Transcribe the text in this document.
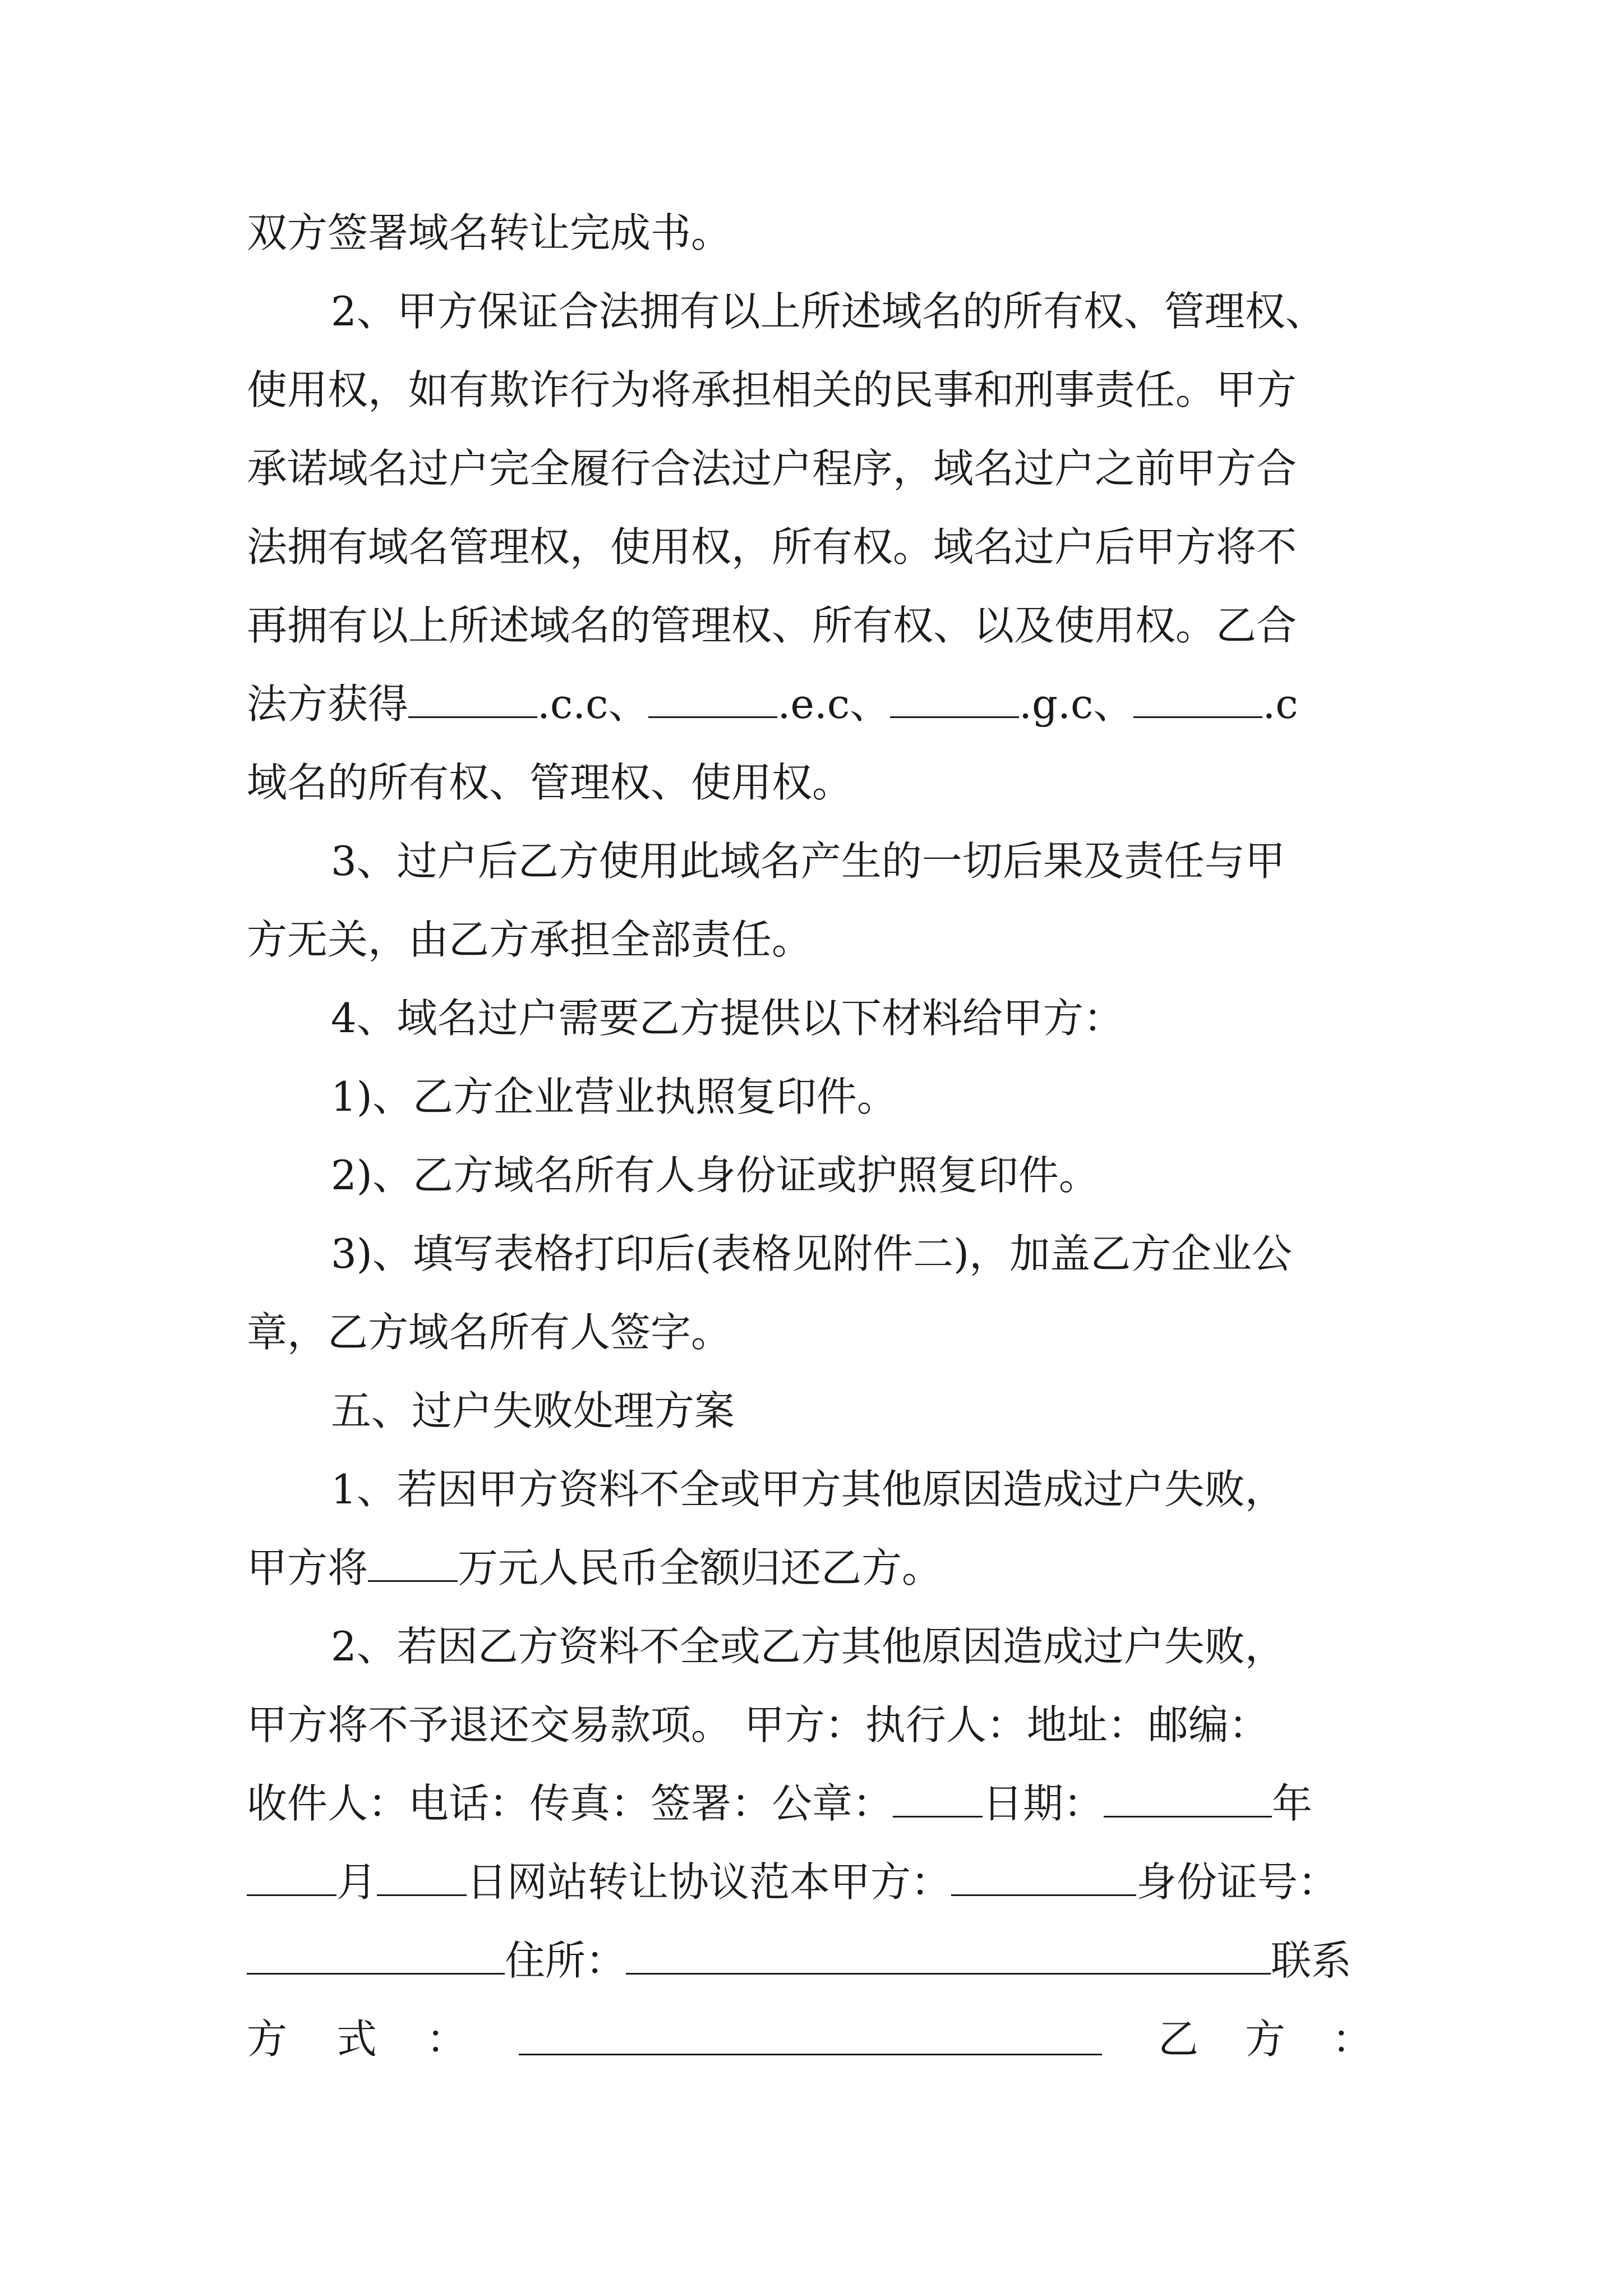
双方签署域名转让完成书。
2、甲方保证合法拥有以上所述域名的所有权、管理权、
使用权，如有欺诈行为将承担相关的民事和刑事责任。甲方
承诺域名过户完全履行合法过户程序，域名过户之前甲方合
法拥有域名管理权，使用权，所有权。域名过户后甲方将不
再拥有以上所述域名的管理权、所有权、以及使用权。乙合
法方获得	.c.c、	.e.c、	.g.c、	.c
域名的所有权、管理权、使用权。
3、过户后乙方使用此域名产生的一切后果及责任与甲
方无关，由乙方承担全部责任。
4、域名过户需要乙方提供以下材料给甲方：
1)、乙方企业营业执照复印件。
2)、乙方域名所有人身份证或护照复印件。
3)、填写表格打印后(表格见附件二)，加盖乙方企业公
章，乙方域名所有人签字。
五、过户失败处理方案
1、若因甲方资料不全或甲方其他原因造成过户失败，
甲方将 万元人民币全额归还乙方。
2、若因乙方资料不全或乙方其他原因造成过户失败，
甲方将不予退还交易款项。 甲方：执行人：地址：邮编：
收件人：电话：传真：签署：公章： 日期：	年
月 日网站转让协议范本甲方：	身份证号：
住所：	联系
方 式 ：	乙 方 ：
